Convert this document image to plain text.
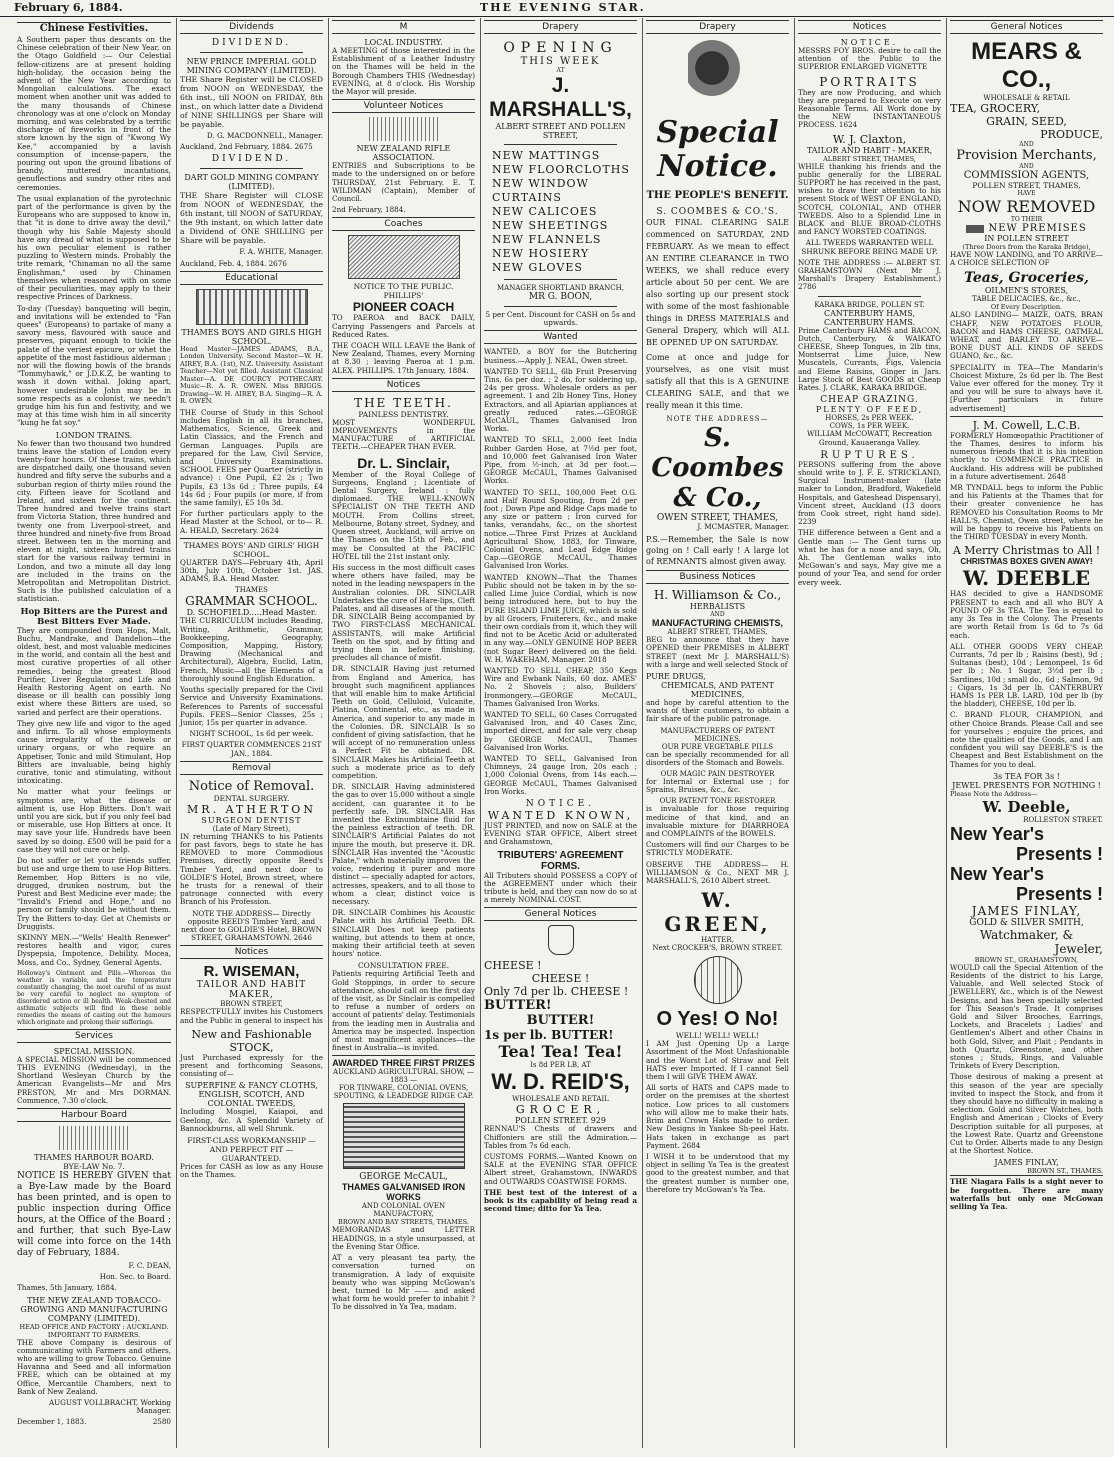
February 6, 1884.	THE EVENING STAR.
Chinese Festivities.

A Southern paper thus descants on the Chinese celebration of their New Year, on the Otago Goldfield :— Our Celestial fellow-citizens are at present holding high-holiday, the occasion being the advent of the New Year according to Mongolian calculations. The exact moment when another unit was added to the many thousands of Chinese chronology was at one o'clock on Monday morning, and was celebrated by a terrific discharge of fireworks in front of the store known by the sign of "Kwong Wy Kee," accompanied by a lavish consumption of incense-papers, the pouring out upon the ground libations of brandy, muttered incantations, genuflections and sundry other rites and ceremonies.

The usual explanation of the pyrotechnic part of the performance is given by the Europeans who are supposed to know in, that "it is done to drive away the devil," though why his Sable Majesty should have any dread of what is supposed to be his own peculiar element is rather puzzling to Western minds. Probably the trite remark, "Chinaman no all the same Englishman," used by Chinamen themselves when reasoned with on some of their peculiarities, may apply to their respective Princes of Darkness.

To-day (Tuesday) banqueting will begin, and invitations will be extended to "Fan quees" (Europeans) to partake of many a savory mess, flavoured with sauce and preserves, piquant enough to tickle the palate of the veriest epicure, or whet the appetite of the most fastidious alderman ; nor will the flowing bowls of the brands "Tommyhawk," or J.D.K.Z, be wanting to wash it down withal. Joking apart, however undesirable John may be in some respects as a colonist, we needn't grudge him his fun and festivity, and we may at this time wish him in all sincerity "kung he fat soy."

LONDON TRAINS.

No fewer than two thousand two hundred trains leave the station of London every twenty-four hours. Of these trains, which are dispatched daily, one thousand seven hundred and fifty serve the suburbs and a suburban region of thirty miles round the city. Fifteen leave for Scotland and Ireland, and sixteen for the continent. Three hundred and twelve trains start from Victoria Station, three hundred and twenty one from Liverpool-street, and three hundred and ninety-five from Broad street. Between ten in the morning and eleven at night, sixteen hundred trains start for the various railway termini in London, and two a minute all day long are included in the trains on the Metropolitan and Metropolitan District. Such is the published calculation of a statistician.

Hop Bitters are the Purest and Best Bitters Ever Made.

They are compounded from Hops, Malt, Buchu, Mandrake, and Dandelion—the oldest, best, and most valuable medicines in the world, and contain all the best and most curative properties of all other remedies, being the greatest Blood Purifier, Liver Regulator, and Life and Health Restoring Agent on earth. No disease or ill health can possibly long exist where these Bitters are used, so varied and perfect are their operations.

They give new life and vigor to the aged and infirm. To all whose employments cause irregularity of the bowels or urinary organs, or who require an Appetiser, Tonic and mild Stimulant, Hop Bitters are invaluable, being highly curative, tonic and stimulating, without intoxicating.

No matter what your feelings or symptoms are, what the disease or ailment is, use Hop Bitters. Don't wait until you are sick, but if you only feel bad or miserable, use Hop Bitters at once. It may save your life. Hundreds have been saved by so doing. £500 will be paid for a case they will not cure or help.

Do not suffer or let your friends suffer, but use and urge them to use Hop Bitters. Remember, Hop Bitters is no vile, drugged, drunken nostrum, but the Purest and Best Medicine ever made; the "Invalid's Friend and Hope," and no person or family should be without them. Try the Bitters to-day. Get at Chemists or Druggists.

SKINNY MEN.—"Wells' Health Renewer" restores health and vigor, cures Dyspepsia, Impotence, Debility. Mocea, Moss, and Co., Sydney, General Agents.

Holloway's Ointment and Pills.—Whereas the weather is variable, and the temperature constantly changing, the most careful of us must be very careful to neglect no symptom of disordered action or ill health. Weak-chested and asthmatic subjects will find in these noble remedies the means of casting out the humours which originate and prolong their sufferings.

Services
SPECIAL MISSION.

A SPECIAL MISSION will be commenced THIS EVENING (Wednesday), in the Shortland Wesleyan Church by the American Evangelists—Mr and Mrs PRESTON, Mr and Mrs DORMAN. Commence, 7.30 o'clock.

Harbour Board
THAMES HARBOUR BOARD.
BYE-LAW No. 7.

NOTICE IS HEREBY GIVEN that a Bye-Law made by the Board has been printed, and is open to public inspection during Office hours, at the Office of the Board ; and further, that such Bye-Law will come into force on the 14th day of February, 1884.

F. C. DEAN,

Hon. Sec. to Board.

Thames, 5th January, 1884.

THE NEW ZEALAND TOBACCO-GROWING AND MANUFACTURING COMPANY (LIMITED).
HEAD OFFICE AND FACTORY : AUCKLAND.
IMPORTANT TO FARMERS.

THE above Company is desirous of communicating with Farmers and others, who are willing to grow Tobacco. Genuine Havanna and Seed and all information FREE, which can be obtained at my Office, Mercantile Chambers, next to Bank of New Zealand.

AUGUST VOLLBRACHT, Working Manager.

December 1, 1883.	2580

Dividends
DIVIDEND.
NEW PRINCE IMPERIAL GOLD MINING COMPANY (LIMITED).

THE Share Register will be CLOSED from NOON on WEDNESDAY, the 6th inst., till NOON on FRIDAY, 8th inst., on which latter date a Dividend of NINE SHILLINGS per Share will be payable.

D. G. MACDONNELL, Manager.

Auckland, 2nd February, 1884. 2675

DIVIDEND.
DART GOLD MINING COMPANY (LIMITED).

THE Share Register will CLOSE from NOON of WEDNESDAY, the 6th instant, till NOON of SATURDAY, the 9th instant, on which latter date a Dividend of ONE SHILLING per Share will be payable.

F. A. WHITE, Manager.

Auckland, Feb. 4, 1884. 2676

Educational
THAMES BOYS AND GIRLS HIGH SCHOOL.

Head Master—JAMES ADAMS, B.A., London University. Second Master—W. H. AIREY, B.A. (1st), N.Z. University. Assistant Teacher—Not yet filled. Assistant Classical Master—A. DE COURCY POTHECARY. Music—R. A. R. OWEN. Miss BRIGGS. Drawing—W. H. AIREY, B.A. Singing—R. A. R. OWEN.

THE Course of Study in this School includes English in all its branches, Mathematics, Science, Greek and Latin Classics, and the French and German Languages. Pupils are prepared for the Law, Civil Service, and University Examinations. SCHOOL FEES per Quarter (strictly in advance) : One Pupil, £2 2s ; Two Pupils, £3 13s 6d ; Three pupils, £4 14s 6d ; Four pupils (or more, if from the same family), £5 10s 3d.

For further particulars apply to the Head Master at the School, or to— R. A. HEALD, Secretary. 2624

THAMES BOYS' AND GIRLS' HIGH SCHOOL.

QUARTER DAYS—February 4th, April 30th, July 10th, October 1st. JAS. ADAMS, B.A. Head Master.

THAMES
GRAMMAR SCHOOL.
D. SCHOFIELD.....Head Master.

THE CURRICULUM includes Reading, Writing, Arithmetic, Grammar, Bookkeeping, Geography, Composition, Mapping, History, Drawing (Mechanical and Architectural), Algebra, Euclid, Latin, French, Music—all the Elements of a thoroughly sound English Education.

Youths specially prepared for the Civil Service and University Examinations. References to Parents of successful Pupils. FEES—Senior Classes, 25s ; Junior, 15s per quarter in advance.

NIGHT SCHOOL, 1s 6d per week.

FIRST QUARTER COMMENCES 21ST JAN., 1884.

Removal
Notice of Removal.
DENTAL SURGERY.
MR. ATHERTON
SURGEON DENTIST
(Late of Mary Street),

IN returning THANKS to his Patients for past favors, begs to state he has REMOVED to more Commodious Premises, directly opposite Reed's Timber Yard, and next door to GOLDIE'S Hotel, Brown street, where he trusts for a renewal of their patronage connected with every Branch of his Profession.

NOTE THE ADDRESS— Directly opposite REED'S Timber Yard, and next door to GOLDIE'S Hotel, BROWN STREET, GRAHAMSTOWN. 2646

Notices
R. WISEMAN,
TAILOR AND HABIT MAKER,
BROWN STREET,

RESPECTFULLY invites his Customers and the Public in general to inspect his

New and Fashionable STOCK,

Just Purchased expressly for the present and forthcoming Seasons, consisting of—

SUPERFINE & FANCY CLOTHS, ENGLISH, SCOTCH, AND COLONIAL TWEEDS,

Including Mosgiel, Kaiapoi, and Geelong, &c. A Splendid Variety of Bannockburns, all well Shrunk.

FIRST-CLASS WORKMANSHIP — AND PERFECT FIT — GUARANTEED.

Prices for CASH as low as any House on the Thames.

M
LOCAL INDUSTRY.

A MEETING of those interested in the Establishment of a Leather Industry on the Thames will be held in the Borough Chambers THIS (Wednesday) EVENING, at 8 o'clock. His Worship the Mayor will preside.

Volunteer Notices
NEW ZEALAND RIFLE ASSOCIATION.

ENTRIES and Subscriptions to be made to the undersigned on or before THURSDAY, 21st February. E. T. WILDMAN (Captain), Member of Council.

2nd February, 1884.

Coaches
NOTICE TO THE PUBLIC.
PHILLIPS'
PIONEER COACH

TO PAEROA and BACK DAILY, Carrying Passengers and Parcels at Reduced Rates.

THE COACH WILL LEAVE the Bank of New Zealand, Thames, every Morning at 8.30 ; leaving Paeroa at 1 p.m. ALEX. PHILLIPS. 17th January, 1884.

Notices
THE TEETH.
PAINLESS DENTISTRY.

MOST WONDERFUL IMPROVEMENTS in the MANUFACTURE of ARTIFICIAL TEETH.—CHEAPER THAN EVER.

Dr. L. Sinclair,

Member of the Royal College of Surgeons, England ; Licentiate of Dental Surgery, Ireland : fully diplomaed. THE WELL-KNOWN SPECIALIST ON THE TEETH AND MOUTH. From Collins street, Melbourne, Botany street, Sydney, and Queen street, Auckland, will arrive on the Thames on the 15th of Feb., and may be Consulted at the PACIFIC HOTEL till the 21st instant only.

His success in the most difficult cases where others have failed, may be noted in the leading newspapers in the Australian colonies. DR. SINCLAIR Undertakes the cure of Hare-lips, Cleft Palates, and all diseases of the mouth. DR. SINCLAIR Being accompanied by TWO FIRST-CLASS MECHANICAL ASSISTANTS, will make Artificial Teeth on the spot, and by fitting and trying them in before finishing, precludes all chance of misfit.

DR. SINCLAIR Having just returned from England and America, has brought such magnificent appliances that will enable him to make Artificial Teeth on Gold, Celluloid, Vulcanite, Platina, Continental, etc., as made in America, and superior to any made in the Colonies. DR. SINCLAIR Is so confident of giving satisfaction, that he will accept of no remuneration unless a Perfect Fit be obtained. DR. SINCLAIR Makes his Artificial Teeth at such a moderate price as to defy competition.

DR. SINCLAIR Having administered the gas to over 15,000 without a single accident, can guarantee it to be perfectly safe. DR. SINCLAIR Has invented the Extinumbtaine fluid for the painless extraction of teeth. DR. SINCLAIR'S Artificial Palates do not injure the mouth, but preserve it. DR. SINCLAIR Has invented the "Acoustic Palate," which materially improves the voice, rendering it purer and more distinct — specially adapted for actors, actresses, speakers, and to all those to whom a clear, distinct voice is necessary.

DR. SINCLAIR Combines his Acoustic Palate with his Artificial Teeth. DR. SINCLAIR Does not keep patients waiting, but attends to them at once, making their artificial teeth at seven hours' notice.

CONSULTATION FREE.

Patients requiring Artificial Teeth and Gold Stoppings, in order to secure attendance, should call on the first day of the visit, as Dr Sinclair is compelled to refuse a number of orders on account of patients' delay. Testimonials from the leading men in Australia and America may be inspected. Inspection of most magnificent appliances—the finest in Australia—is invited.

AWARDED THREE FIRST PRIZES
AUCKLAND AGRICULTURAL SHOW, — 1883 —
FOR TINWARE, COLONIAL OVENS, SPOUTING, & LEADEDGE RIDGE CAP.
GEORGE McCAUL,
THAMES GALVANISED IRON WORKS
AND COLONIAL OVEN MANUFACTORY,
BROWN AND BAY STREETS, THAMES.

MEMORANDAS and LETTER HEADINGS, in a style unsurpassed, at the Evening Star Office.

AT a very pleasant tea party, the conversation turned on transmigration. A lady of exquisite beauty who was sipping McGowan's best, turned to Mr —— and asked what form he would prefer to inhabit ? To be dissolved in Ya Tea, madam.

Drapery
OPENING
THIS WEEK
AT
J. MARSHALL'S,
ALBERT STREET AND POLLEN STREET,
NEW MATTINGS
NEW FLOORCLOTHS
NEW WINDOW CURTAINS
NEW CALICOES
NEW SHEETINGS
NEW FLANNELS
NEW HOSIERY
NEW GLOVES
MANAGER SHORTLAND BRANCH,
MR G. BOON,

5 per Cent. Discount for CASH on 5s and upwards.

Wanted

WANTED, a BOY for the Butchering business.—Apply J. NEAL, Owen street.

WANTED TO SELL, 6lb Fruit Preserving Tins, 6s per doz. ; 2 do, for soldering up, 24s per gross. Wholesale orders as per agreement. 1 and 2lb Honey Tins, Honey Extractors, and all Apiarian appliances at greatly reduced rates.—GEORGE McCAUL, Thames Galvanised Iron Works.

WANTED TO SELL, 2,000 feet India Rubber Garden Hose, at 7½d per foot, and 10,000 feet Galvanised Iron Water Pipe, from ½-inch, at 3d per foot.—GEORGE McCAUL, Thames Galvanised Works.

WANTED TO SELL, 100,000 Feet O.G. and Half Round Spouting, from 2d per foot ; Down Pipe and Ridge Caps made to any size or pattern ; Iron curved for tanks, verandahs, &c., on the shortest notice.—Three First Prizes at Auckland Agricultural Show, 1883, for Tinware, Colonial Ovens, and Lead Edge Ridge Cap.—GEORGE McCAUL, Thames Galvanised Iron Works.

WANTED KNOWN—That the Thames Public should not be taken in by the so-called Lime Juice Cordial, which is now being introduced here, but to buy the PURE ISLAND LIME JUICE, which is sold by all Grocers, Fruiterers, &c., and make their own cordials from it, which they will find not to be Acetic Acid or adulterated in any way.—ONLY GENUINE HOP BEER (not Sugar Beer) delivered on the field. W. H. WAKEHAM, Manager. 2018

WANTED TO SELL CHEAP, 350 Kegs Wire and Ewbank Nails, 60 doz. AMES' No. 2 Shovels ; also, Builders' Ironmongery.—GEORGE McCAUL, Thames Galvanised Iron Works.

WANTED TO SELL, 60 Cases Corrugated Galvanised Iron, and 40 Cases Zinc, imported direct, and for sale very cheap by GEORGE McCAUL, Thames Galvanised Iron Works.

WANTED TO SELL, Galvanised Iron Chimneys, 24 gauge Iron, 20s each ; 1,000 Colonial Ovens, from 14s each.—GEORGE McCAUL, Thames Galvanised Iron Works.

NOTICE.
WANTED KNOWN,

JUST PRINTED, and now on SALE at the EVENING STAR OFFICE, Albert street and Grahamstown,

TRIBUTERS' AGREEMENT FORMS.

All Tributers should POSSESS a COPY of the AGREEMENT under which their tribute is held, and they can now do so at a merely NOMINAL COST.

General Notices
CHEESE !
CHEESE !
Only 7d per lb. CHEESE !
BUTTER!
BUTTER!
1s per lb. BUTTER!
Tea! Tea! Tea!
Is 8d PER LB, AT
W. D. REID'S,
WHOLESALE AND RETAIL
GROCER,
POLLEN STREET. 929

RENNAU'S Chests of drawers and Chiffoniers are still the Admiration.—Tables from 7s 6d each.

CUSTOMS FORMS.—Wanted Known on SALE at the EVENING STAR OFFICE Albert street, Grahamstown, INWARDS and OUTWARDS COASTWISE FORMS.

THE best test of the interest of a book is its capability of being read a second time; ditto for Ya Tea.

Drapery
Special Notice.
THE PEOPLE'S BENEFIT.
S. COOMBES & CO.'S.

OUR FINAL CLEARING SALE commenced on SATURDAY, 2ND FEBRUARY. As we mean to effect AN ENTIRE CLEARANCE in TWO WEEKS, we shall reduce every article about 50 per cent. We are also sorting up our present stock with some of the most fashionable things in DRESS MATERIALS and General Drapery, which will ALL BE OPENED UP ON SATURDAY.

Come at once and judge for yourselves, as one visit must satisfy all that this is A GENUINE CLEARING SALE, and that we really mean it this time.

NOTE THE ADDRESS—
S. Coombes & Co.,
OWEN STREET, THAMES,

J. MCMASTER, Manager.

P.S.—Remember, the Sale is now going on ! Call early ! A large lot of REMNANTS almost given away.

Business Notices
H. Williamson & Co.,
HERBALISTS
AND
MANUFACTURING CHEMISTS,
ALBERT STREET, THAMES,

BEG to announce that they have OPENED their PREMISES in ALBERT STREET (next Mr J. MARSHALL'S) with a large and well selected Stock of

PURE DRUGS,
CHEMICALS, AND PATENT MEDICINES,

and hope by careful attention to the wants of their customers, to obtain a fair share of the public patronage.

MANUFACTURERS OF PATENT MEDICINES.
OUR PURE VEGETABLE PILLS

can be specially recommended for all disorders of the Stomach and Bowels.

OUR MAGIC PAIN DESTROYER

for Internal or External use ; for Sprains, Bruises, &c., &c.

OUR PATENT TONE RESTORER

is invaluable for those requiring medicine of that kind, and an invaluable mixture for DIARRHOEA and COMPLAINTS of the BOWELS.

Customers will find our Charges to be STRICTLY MODERATE.

OBSERVE THE ADDRESS— H. WILLIAMSON & Co., NEXT MR J. MARSHALL'S, 2610 Albert street.

W. GREEN,
HATTER,
Next CROCKER'S, BROWN STREET.
O Yes! O No!
WELL! WELL! WELL!

I AM Just Opening Up a Large Assortment of the Most Unfashionable and the Worst Lot of Straw and Felt HATS ever Imported. If I cannot Sell them I will GIVE THEM AWAY.

All sorts of HATS and CAPS made to order on the premises at the shortest notice. Low prices to all customers who will allow me to make their hats. Brim and Crown Hats made to order. New Designs in Yankee Sh-peel Hats. Hats taken in exchange as part Payment. 2684

I WISH it to be understood that my object in selling Ya Tea is the greatest good to the greatest number, and that the greatest number is number one, therefore try McGowan's Ya Tea.

Notices
NOTICE.

MESSRS FOY BROS. desire to call the attention of the Public to the SUPERIOR ENLARGED VIGNETTE

PORTRAITS

They are now Producing, and which they are prepared to Execute on very Reasonable Terms. All Work done by the NEW INSTANTANEOUS PROCESS. 1624

W. J. Claxton,
TAILOR AND HABIT - MAKER,
ALBERT STREET, THAMES,

WHILE thanking his friends and the public generally for the LIBERAL SUPPORT he has received in the past, wishes to draw their attention to his present Stock of WEST OF ENGLAND, SCOTCH, COLONIAL, AND OTHER TWEEDS. Also to a Splendid Line in BLACK and BLUE BROAD-CLOTHS and FANCY WORSTED COATINGS.

ALL TWEEDS WARRANTED WELL SHRUNK BEFORE BEING MADE UP.

NOTE THE ADDRESS :— ALBERT ST. GRAHAMSTOWN (Next Mr J. Marshall's Drapery Establishment.) 2786

KARAKA BRIDGE, POLLEN ST.
CANTERBURY HAMS, CANTERBURY HAMS.

Prime Canterbury HAMS and BACON, Dutch, Canterbury, & WAIKATO CHEESE, Sheep Tongues, in 2lb tins, Montserrat Lime Juice, New Muscatels, Currants, Figs, Valencia and Eleme Raisins, Ginger in Jars. Large Stock of Best GOODS at Cheap Rates. J. CLARK, KARAKA BRIDGE.

CHEAP GRAZING.
PLENTY OF FEED,
HORSES, 2s PER WEEK.
COWS, 1s PER WEEK.

WILLIAM McCOWATT, Recreation Ground, Kauaeranga Valley.

RUPTURES.

PERSONS suffering from the above should write to J. F. E. STRICKLAND, Surgical Instrument-maker (late maker to London, Bradford, Wakefield Hospitals, and Gateshead Dispensary), Vincent street, Auckland (13 doors from Cook street, right hand side). 2239

THE difference between a Gent and a Gentle man :— The Gent turns up what he has for a nose and says, Oh, Ah. The Gentleman walks into McGowan's and says, May give me a pound of your Tea, and send for order every week.

General Notices
MEARS & CO.,
WHOLESALE & RETAIL
TEA, GROCERY,
GRAIN, SEED,
PRODUCE,
AND
Provision Merchants,
AND
COMMISSION AGENTS,
POLLEN STREET, THAMES,
HAVE
NOW REMOVED
TO THEIR
NEW PREMISES
IN POLLEN STREET
(Three Doors from the Karaka Bridge),

HAVE NOW LANDING, and TO ARRIVE— A CHOICE SELECTION OF

Teas, Groceries,
OILMEN'S STORES,
TABLE DELICACIES, &c., &c.,
Of Every Description.

ALSO LANDING— MAIZE, OATS, BRAN CHAFF, NEW POTATOES FLOUR, BACON and HAMS CHEESE, OATMEAL WHEAT, and BARLEY TO ARRIVE— BONE DUST ALL KINDS OF SEEDS GUANO, &c., &c.

SPECIALITY in TEA—The Mandarin's Choicest Mixture, 2s 6d per lb. The Best Value ever offered for the money. Try it and you will be sure to always have it. [Further particulars in future advertisement]

J. M. Cowell, L.C.B.

FORMERLY Homœopathic Practitioner of the Thames, desires to inform his numerous friends that it is his intention shortly to COMMENCE PRACTICE in Auckland. His address will be published in a future advertisement. 2648

MR TYNDALL begs to inform the Public and his Patients at the Thames that for their greater convenience he has REMOVED his Consultation Rooms to Mr HALL'S, Chemist, Owen street, where he will be happy to receive his Patients on the THIRD TUESDAY in every Month.

A Merry Christmas to All !
CHRISTMAS BOXES GIVEN AWAY!
W. DEEBLE

HAS decided to give a HANDSOME PRESENT to each and all who BUY A POUND OF 3s TEA. The Tea is equal to any 3s Tea in the Colony. The Presents are worth Retail from 1s 6d to 7s 6d each.

ALL OTHER GOODS VERY CHEAP. Currants, 7d per lb ; Raisins (best), 9d ; Sultanas (best), 10d ; Lemonpeel, 1s 6d per lb ; No. 1 Sugar, 3½d per lb ; Sardines, 10d ; small do., 6d ; Salmon, 9d ; Cigars, 1s 3d per lb. CANTERBURY HAMS 1s PER LB. LARD, 10d per lb (by the bladder), CHEESE, 10d per lb.

C. BRAND FLOUR, CHAMPION, and other Choice Brands. Please Call and see for yourselves ; enquire the prices, and note the qualities of the Goods, and I am confident you will say DEEBLE'S is the Cheapest and Best Establishment on the Thames for you to deal.

3s TEA FOR 3s !
JEWEL PRESENTS FOR NOTHING !
Please Note the Address—
W. Deeble,
ROLLESTON STREET.
New Year's
Presents !
New Year's
Presents !
JAMES FINLAY,
GOLD & SILVER SMITH,
Watchmaker, &
Jeweler,
BROWN ST., GRAHAMSTOWN,

WOULD call the Special Attention of the Residents of the district to his Large, Valuable, and Well selected Stock of JEWELLERY, &c., which is of the Newest Designs, and has been specially selected for This Season's Trade. It comprises Gold and Silver Brooches, Earrings, Lockets, and Bracelets ; Ladies' and Gentlemen's Albert and other Chains in both Gold, Silver, and Plait ; Pendants in both Quartz, Greenstone, and other stones ; Studs, Rings, and Valuable Trinkets of Every Description.

Those desirous of making a present at this season of the year are specially invited to inspect the Stock, and from it they should have no difficulty in making a selection. Gold and Silver Watches, both English and American ; Clocks of Every Description suitable for all purposes, at the Lowest Rate. Quartz and Greenstone Cut to Order. Alberts made to any Design at the Shortest Notice.

JAMES FINLAY,
BROWN ST., THAMES.

THE Niagara Falls is a sight never to be forgotten. There are many waterfalls but only one McGowan selling Ya Tea.
